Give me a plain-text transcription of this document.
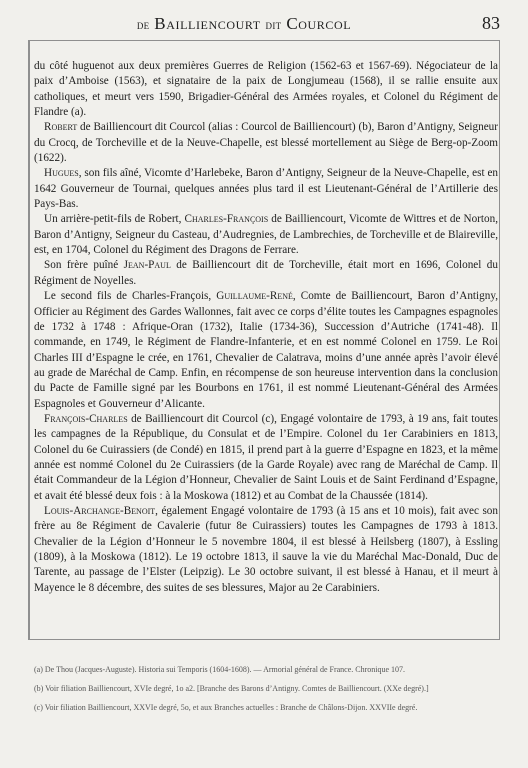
de Bailliencourt dit Courcol	83

du côté huguenot aux deux premières Guerres de Religion (1562-63 et 1567-69). Négociateur de la paix d’Amboise (1563), et signataire de la paix de Longjumeau (1568), il se rallie ensuite aux catholiques, et meurt vers 1590, Brigadier-Général des Armées royales, et Colonel du Régiment de Flandre (a).

Robert de Bailliencourt dit Courcol (alias : Courcol de Bailliencourt) (b), Baron d’Antigny, Seigneur du Crocq, de Torcheville et de la Neuve-Chapelle, est blessé mortellement au Siège de Berg-op-Zoom (1622).

Hugues, son fils aîné, Vicomte d’Harlebeke, Baron d’Antigny, Seigneur de la Neuve-Chapelle, est en 1642 Gouverneur de Tournai, quelques années plus tard il est Lieutenant-Général de l’Artillerie des Pays-Bas.

Un arrière-petit-fils de Robert, Charles-François de Bailliencourt, Vicomte de Wittres et de Norton, Baron d’Antigny, Seigneur du Casteau, d’Audregnies, de Lambrechies, de Torcheville et de Blaireville, est, en 1704, Colonel du Régiment des Dragons de Ferrare.

Son frère puîné Jean-Paul de Bailliencourt dit de Torcheville, était mort en 1696, Colonel du Régiment de Noyelles.

Le second fils de Charles-François, Guillaume-René, Comte de Bailliencourt, Baron d’Antigny, Officier au Régiment des Gardes Wallonnes, fait avec ce corps d’élite toutes les Campagnes espagnoles de 1732 à 1748 : Afrique-Oran (1732), Italie (1734-36), Succession d’Autriche (1741-48). Il commande, en 1749, le Régiment de Flandre-Infanterie, et en est nommé Colonel en 1759. Le Roi Charles III d’Espagne le crée, en 1761, Chevalier de Calatrava, moins d’une année après l’avoir élevé au grade de Maréchal de Camp. Enfin, en récompense de son heureuse intervention dans la conclusion du Pacte de Famille signé par les Bourbons en 1761, il est nommé Lieutenant-Général des Armées Espagnoles et Gouverneur d’Alicante.

François-Charles de Bailliencourt dit Courcol (c), Engagé volontaire de 1793, à 19 ans, fait toutes les campagnes de la République, du Consulat et de l’Empire. Colonel du 1er Carabiniers en 1813, Colonel du 6e Cuirassiers (de Condé) en 1815, il prend part à la guerre d’Espagne en 1823, et la même année est nommé Colonel du 2e Cuirassiers (de la Garde Royale) avec rang de Maréchal de Camp. Il était Commandeur de la Légion d’Honneur, Chevalier de Saint Louis et de Saint Ferdinand d’Espagne, et avait été blessé deux fois : à la Moskowa (1812) et au Combat de la Chaussée (1814).

Louis-Archange-Benoit, également Engagé volontaire de 1793 (à 15 ans et 10 mois), fait avec son frère au 8e Régiment de Cavalerie (futur 8e Cuirassiers) toutes les Campagnes de 1793 à 1813. Chevalier de la Légion d’Honneur le 5 novembre 1804, il est blessé à Heilsberg (1807), à Essling (1809), à la Moskowa (1812). Le 19 octobre 1813, il sauve la vie du Maréchal Mac-Donald, Duc de Tarente, au passage de l’Elster (Leipzig). Le 30 octobre suivant, il est blessé à Hanau, et il meurt à Mayence le 8 décembre, des suites de ses blessures, Major au 2e Carabiniers.

(a) De Thou (Jacques-Auguste). Historia sui Temporis (1604-1608). — Armorial général de France. Chronique 107.

(b) Voir filiation Bailliencourt, XVIe degré, 1o a2. [Branche des Barons d’Antigny. Comtes de Bailliencourt. (XXe degré).]

(c) Voir filiation Bailliencourt, XXVIe degré, 5o, et aux Branches actuelles : Branche de Châlons-Dijon. XXVIIe degré.
